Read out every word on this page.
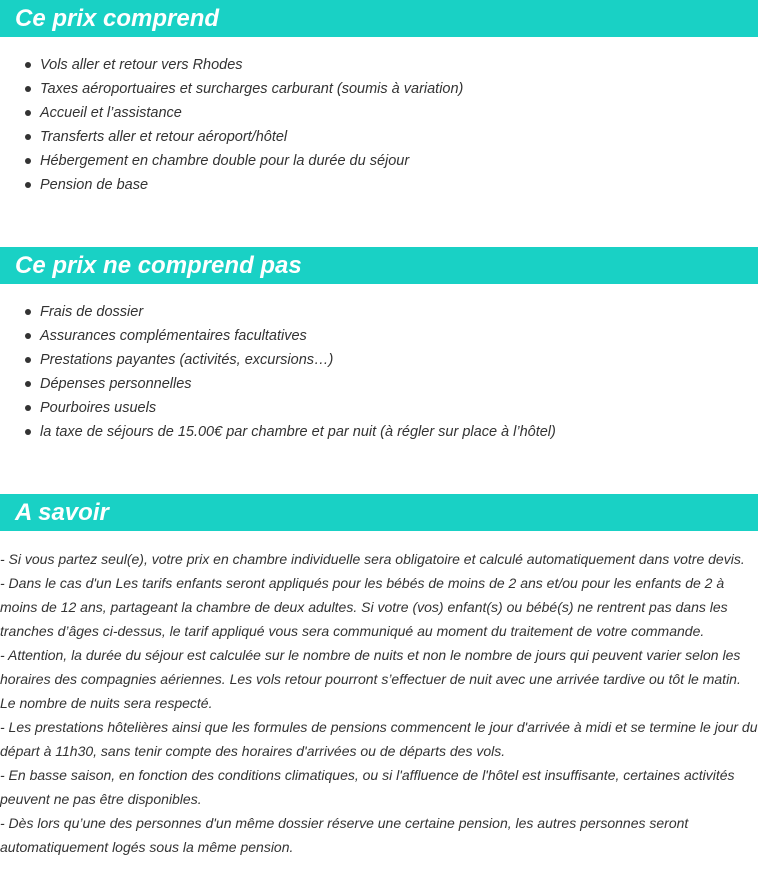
Ce prix comprend
Vols aller et retour vers Rhodes
Taxes aéroportuaires et surcharges carburant (soumis à variation)
Accueil et l’assistance
Transferts aller et retour aéroport/hôtel
Hébergement en chambre double pour la durée du séjour
Pension de base
Ce prix ne comprend pas
Frais de dossier
Assurances complémentaires facultatives
Prestations payantes (activités, excursions…)
Dépenses personnelles
Pourboires usuels
la taxe de séjours de 15.00€ par chambre et par nuit (à régler sur place à l’hôtel)
A savoir

- Si vous partez seul(e), votre prix en chambre individuelle sera obligatoire et calculé automatiquement dans votre devis.

- Dans le cas d'un Les tarifs enfants seront appliqués pour les bébés de moins de 2 ans et/ou pour les enfants de 2 à moins de 12 ans, partageant la chambre de deux adultes. Si votre (vos) enfant(s) ou bébé(s) ne rentrent pas dans les tranches d’âges ci-dessus, le tarif appliqué vous sera communiqué au moment du traitement de votre commande.

- Attention, la durée du séjour est calculée sur le nombre de nuits et non le nombre de jours qui peuvent varier selon les horaires des compagnies aériennes. Les vols retour pourront s’effectuer de nuit avec une arrivée tardive ou tôt le matin. Le nombre de nuits sera respecté.

- Les prestations hôtelières ainsi que les formules de pensions commencent le jour d'arrivée à midi et se termine le jour du départ à 11h30, sans tenir compte des horaires d'arrivées ou de départs des vols.

- En basse saison, en fonction des conditions climatiques, ou si l'affluence de l'hôtel est insuffisante, certaines activités peuvent ne pas être disponibles.

- Dès lors qu’une des personnes d'un même dossier réserve une certaine pension, les autres personnes seront automatiquement logés sous la même pension.
